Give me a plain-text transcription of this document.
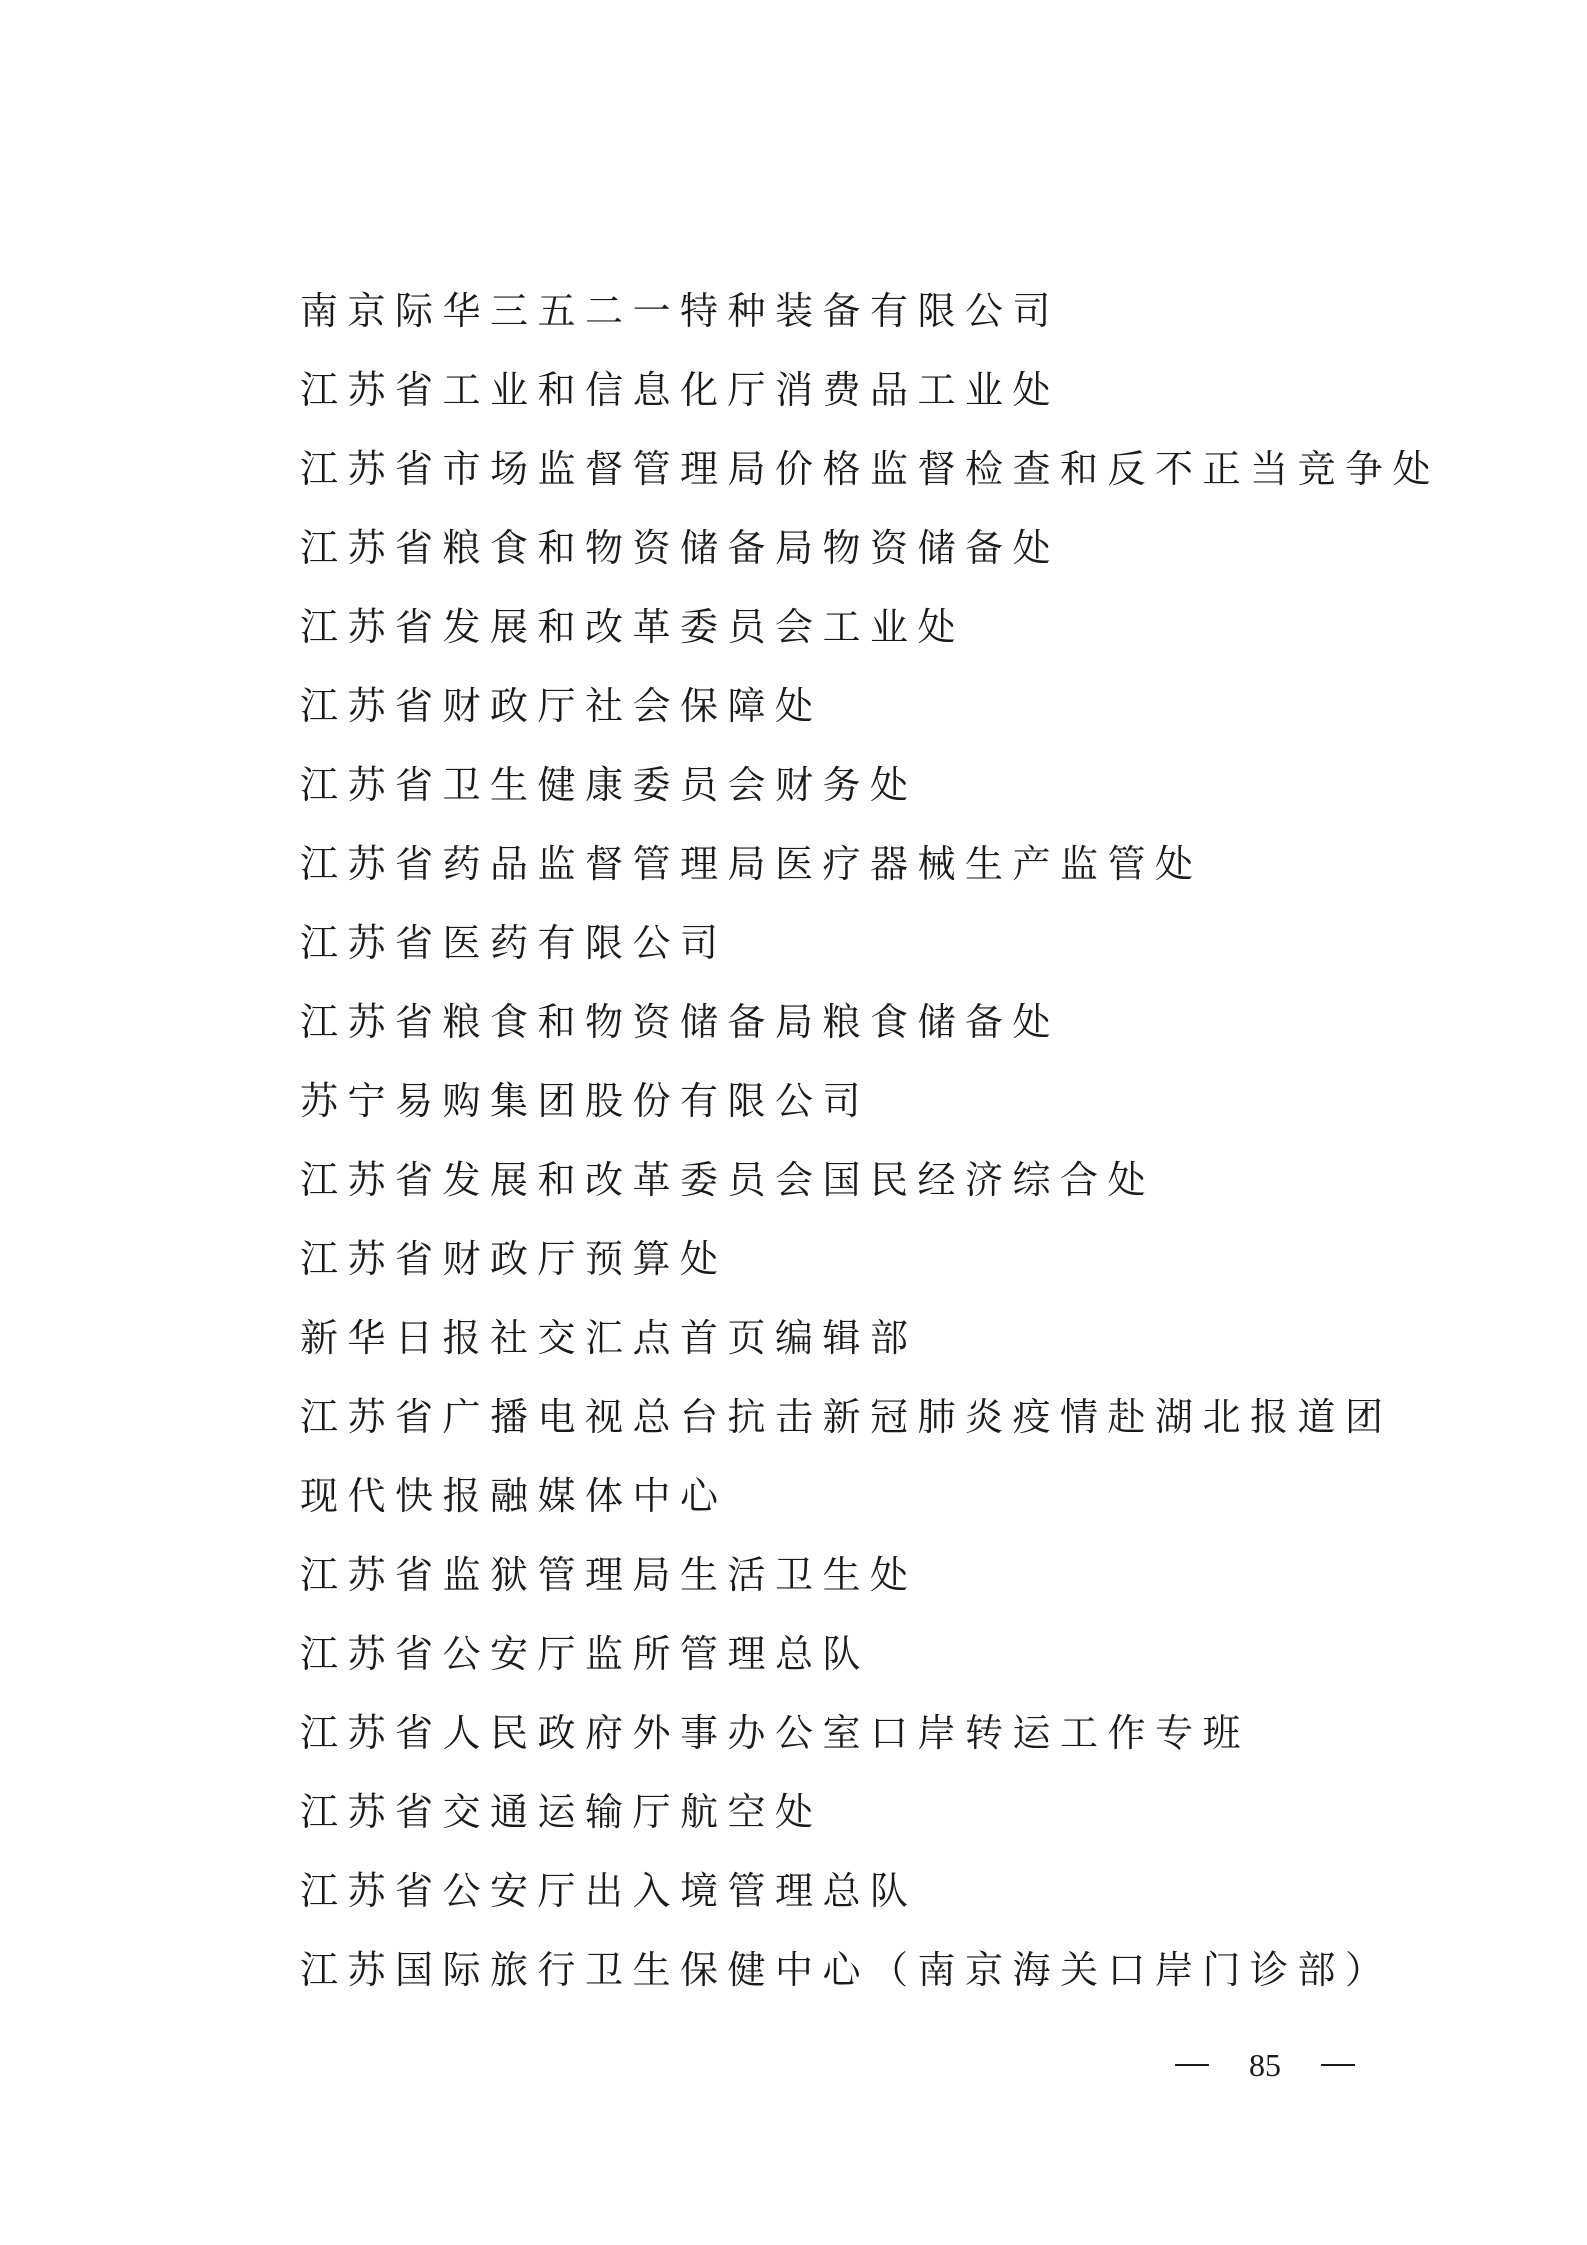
南京际华三五二一特种装备有限公司
江苏省工业和信息化厅消费品工业处
江苏省市场监督管理局价格监督检查和反不正当竞争处
江苏省粮食和物资储备局物资储备处
江苏省发展和改革委员会工业处
江苏省财政厅社会保障处
江苏省卫生健康委员会财务处
江苏省药品监督管理局医疗器械生产监管处
江苏省医药有限公司
江苏省粮食和物资储备局粮食储备处
苏宁易购集团股份有限公司
江苏省发展和改革委员会国民经济综合处
江苏省财政厅预算处
新华日报社交汇点首页编辑部
江苏省广播电视总台抗击新冠肺炎疫情赴湖北报道团
现代快报融媒体中心
江苏省监狱管理局生活卫生处
江苏省公安厅监所管理总队
江苏省人民政府外事办公室口岸转运工作专班
江苏省交通运输厅航空处
江苏省公安厅出入境管理总队
江苏国际旅行卫生保健中心（南京海关口岸门诊部）
85
